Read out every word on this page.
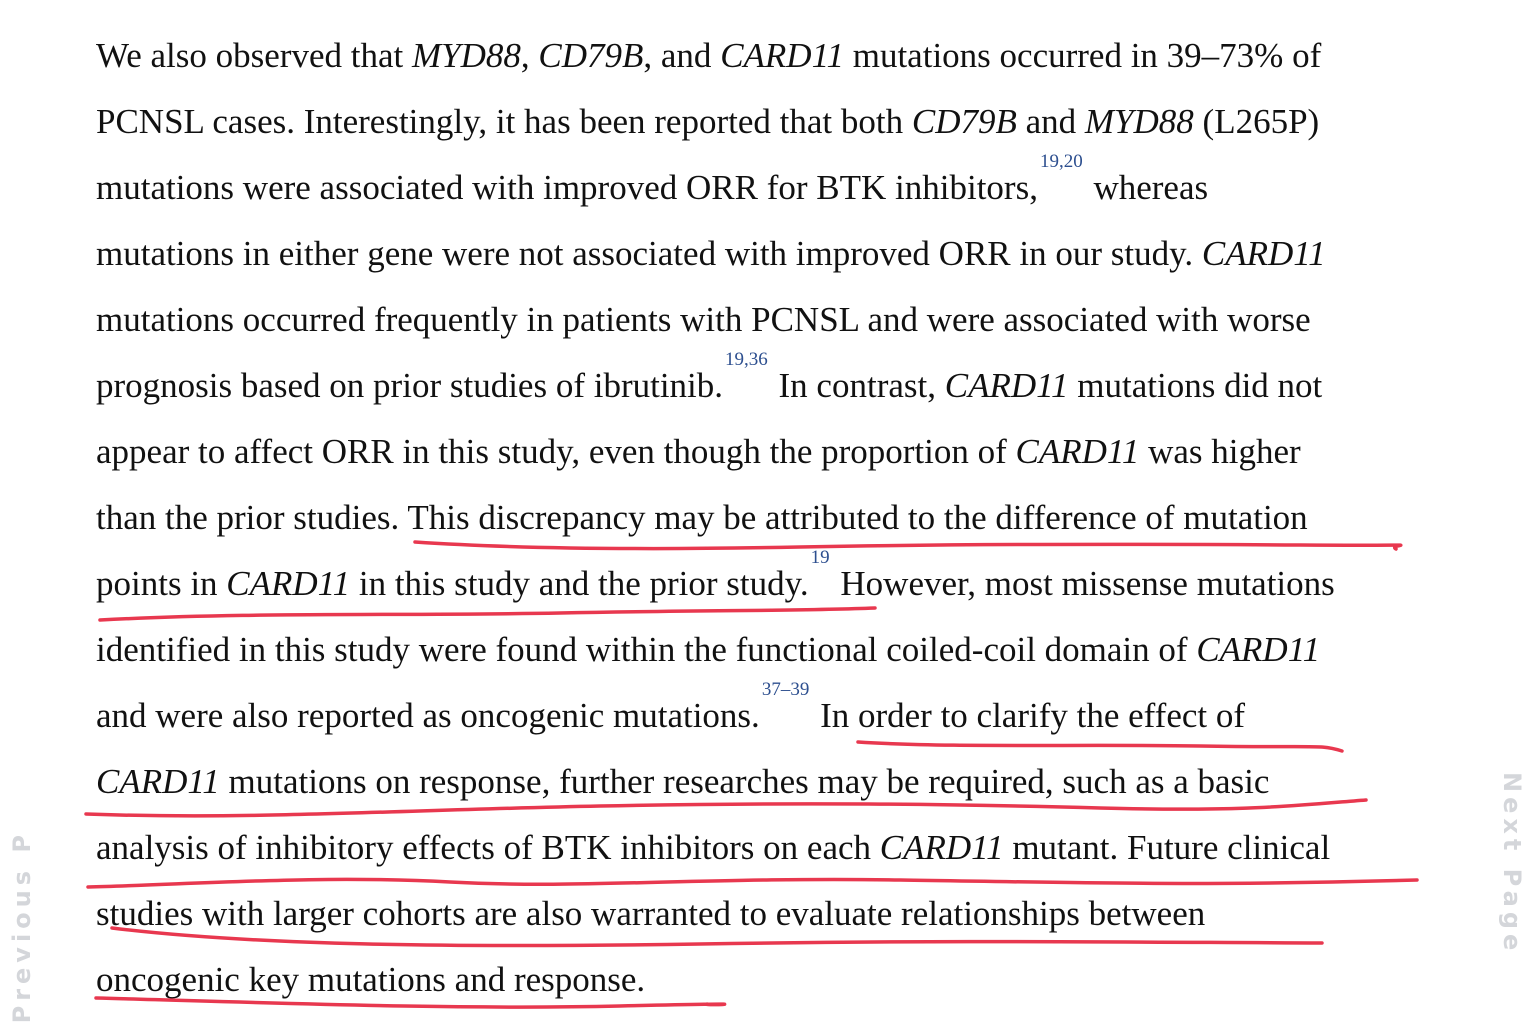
We also observed that MYD88, CD79B, and CARD11 mutations occurred in 39–73% of
PCNSL cases. Interestingly, it has been reported that both CD79B and MYD88 (L265P)
mutations were associated with improved ORR for BTK inhibitors,19,20 whereas
mutations in either gene were not associated with improved ORR in our study. CARD11
mutations occurred frequently in patients with PCNSL and were associated with worse
prognosis based on prior studies of ibrutinib.19,36 In contrast, CARD11 mutations did not
appear to affect ORR in this study, even though the proportion of CARD11 was higher
than the prior studies. This discrepancy may be attributed to the difference of mutation
points in CARD11 in this study and the prior study.19 However, most missense mutations
identified in this study were found within the functional coiled-coil domain of CARD11
and were also reported as oncogenic mutations.37–39 In order to clarify the effect of
CARD11 mutations on response, further researches may be required, such as a basic
analysis of inhibitory effects of BTK inhibitors on each CARD11 mutant. Future clinical
studies with larger cohorts are also warranted to evaluate relationships between
oncogenic key mutations and response.
Previous P	Next Page
